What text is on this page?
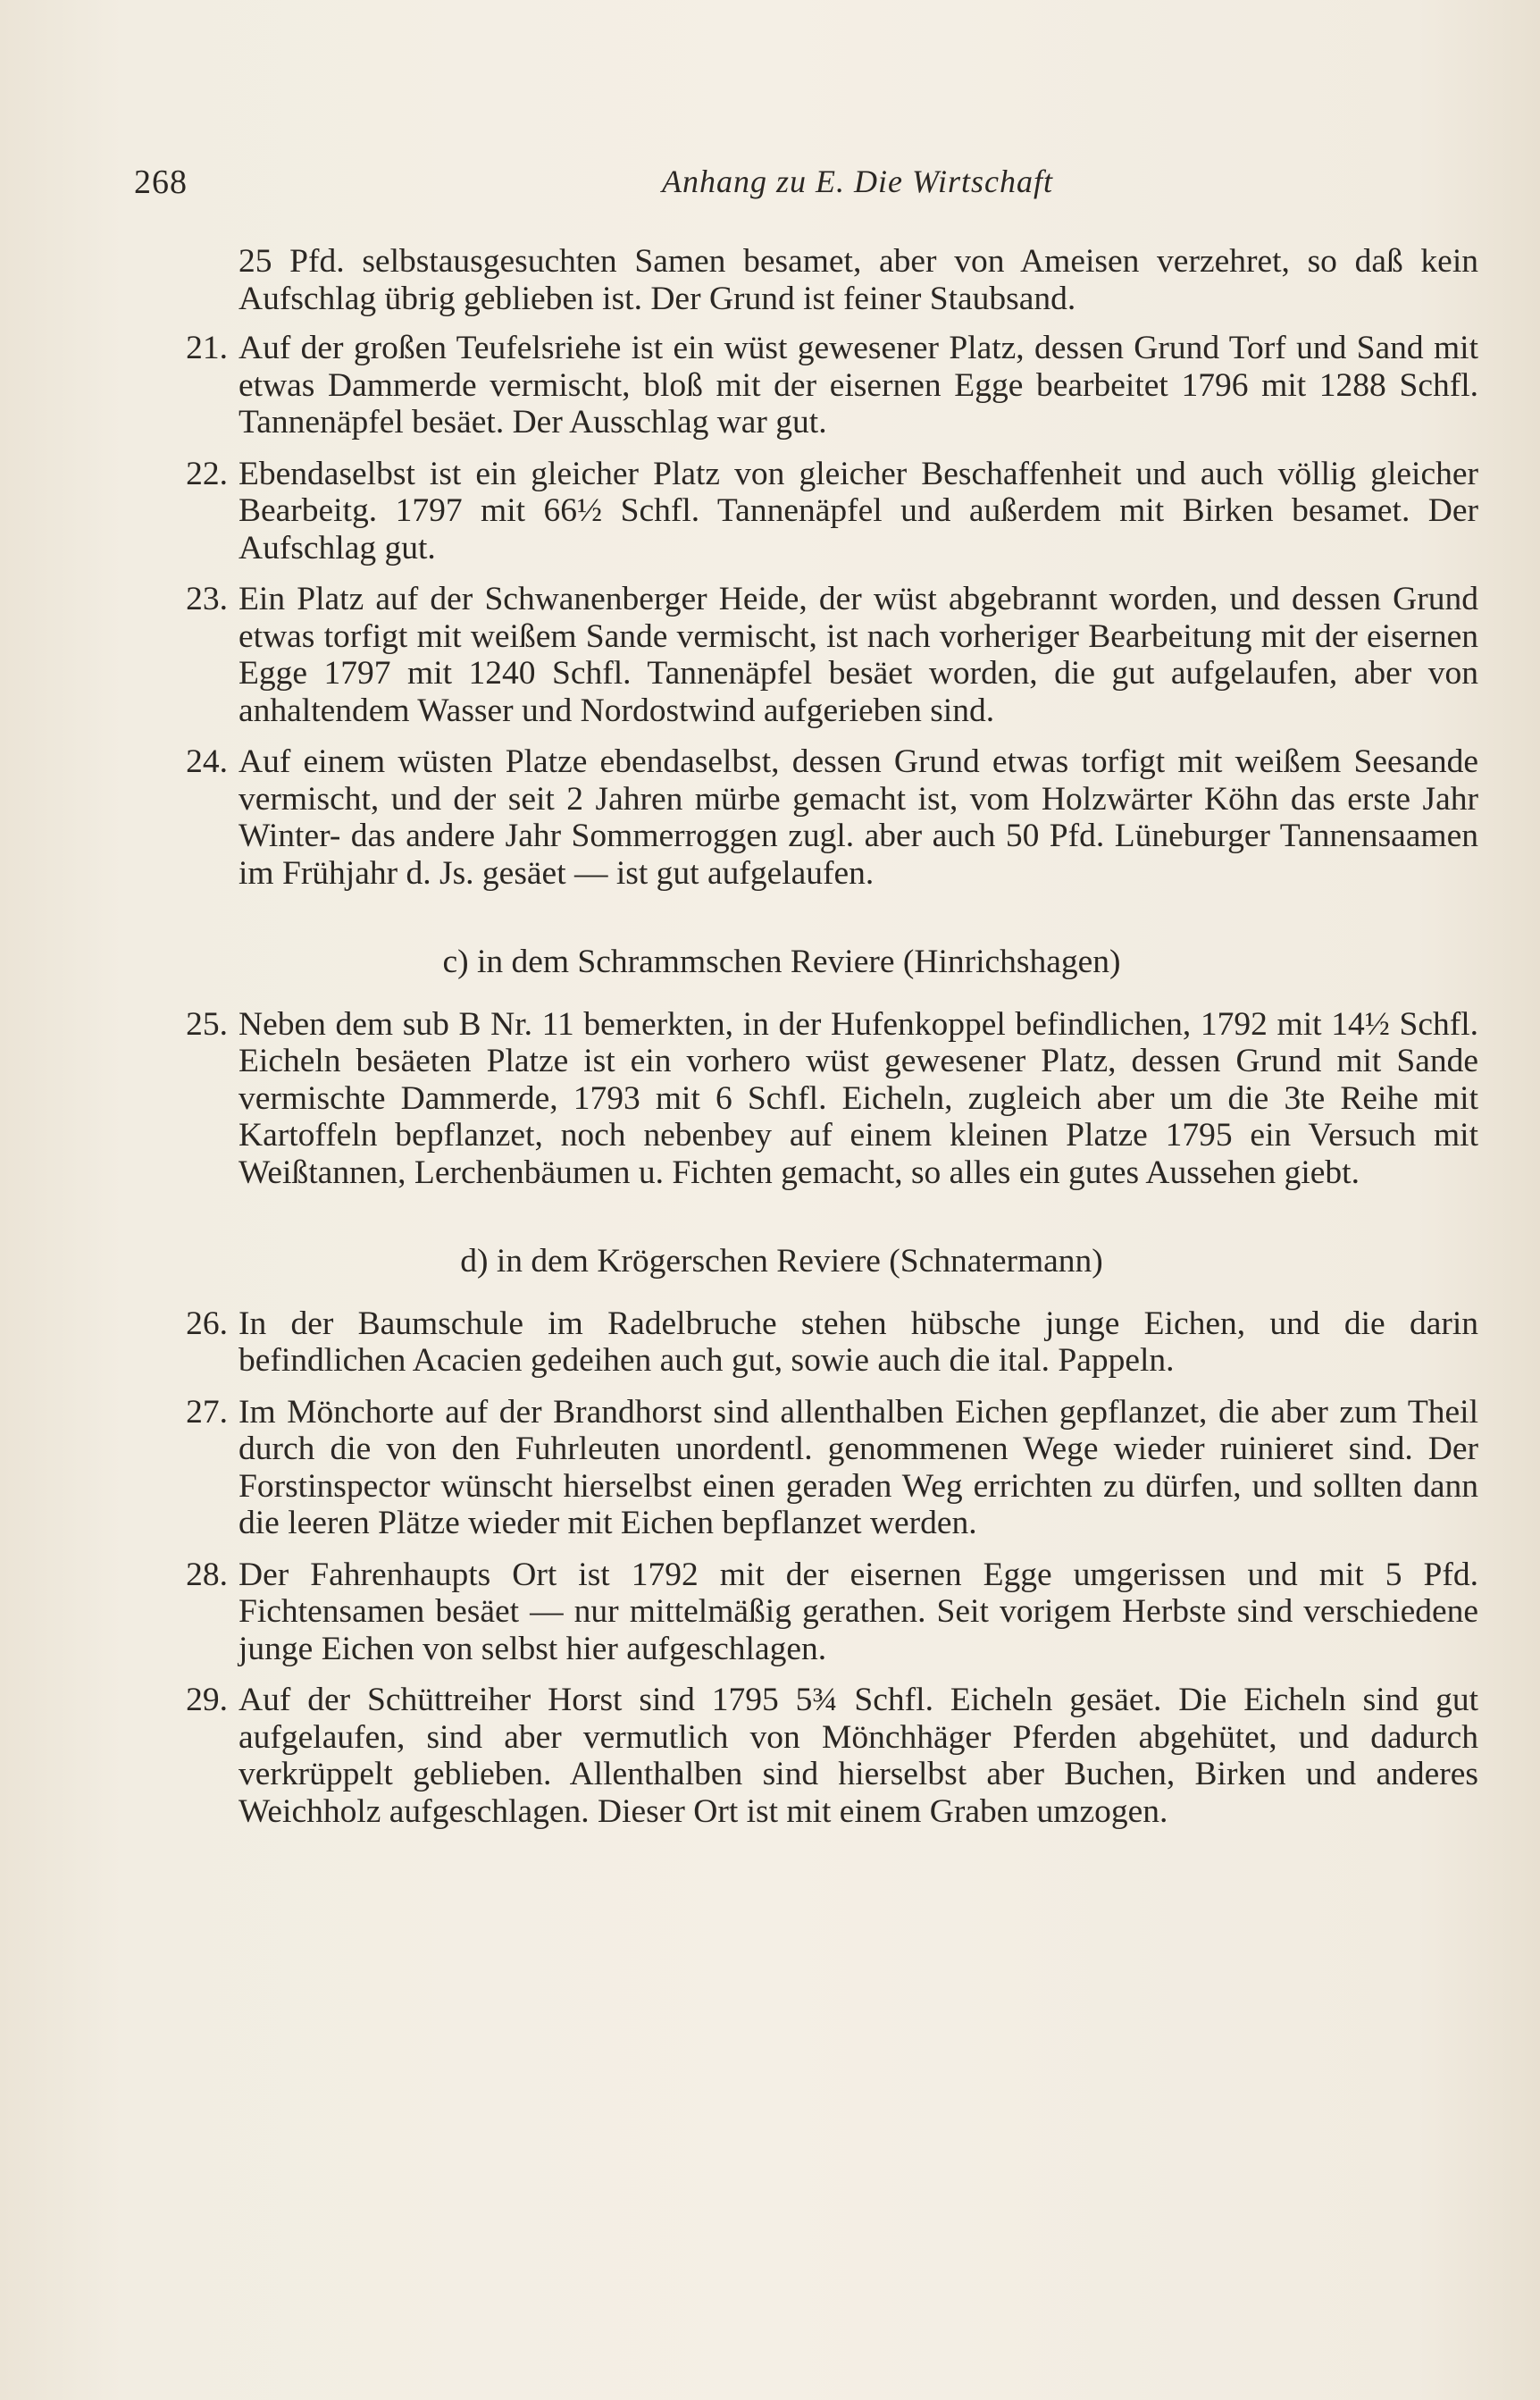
268	Anhang zu E. Die Wirtschaft

25 Pfd. selbstausgesuchten Samen besamet, aber von Ameisen verzehret, so daß kein Aufschlag übrig geblieben ist. Der Grund ist feiner Staubsand.

21. Auf der großen Teufelsriehe ist ein wüst gewesener Platz, dessen Grund Torf und Sand mit etwas Dammerde vermischt, bloß mit der eisernen Egge bearbeitet 1796 mit 1288 Schfl. Tannenäpfel besäet. Der Ausschlag war gut.
22. Ebendaselbst ist ein gleicher Platz von gleicher Beschaffenheit und auch völlig gleicher Bearbeitg. 1797 mit 66½ Schfl. Tannenäpfel und außerdem mit Birken besamet. Der Aufschlag gut.
23. Ein Platz auf der Schwanenberger Heide, der wüst abgebrannt worden, und dessen Grund etwas torfigt mit weißem Sande vermischt, ist nach vorheriger Bearbeitung mit der eisernen Egge 1797 mit 1240 Schfl. Tannenäpfel besäet worden, die gut aufgelaufen, aber von anhaltendem Wasser und Nordostwind aufgerieben sind.
24. Auf einem wüsten Platze ebendaselbst, dessen Grund etwas torfigt mit weißem Seesande vermischt, und der seit 2 Jahren mürbe gemacht ist, vom Holzwärter Köhn das erste Jahr Winter- das andere Jahr Sommerroggen zugl. aber auch 50 Pfd. Lüneburger Tannensaamen im Frühjahr d. Js. gesäet — ist gut aufgelaufen.
c) in dem Schrammschen Reviere (Hinrichshagen)
25. Neben dem sub B Nr. 11 bemerkten, in der Hufenkoppel befindlichen, 1792 mit 14½ Schfl. Eicheln besäeten Platze ist ein vorhero wüst gewesener Platz, dessen Grund mit Sande vermischte Dammerde, 1793 mit 6 Schfl. Eicheln, zugleich aber um die 3te Reihe mit Kartoffeln bepflanzet, noch nebenbey auf einem kleinen Platze 1795 ein Versuch mit Weißtannen, Lerchenbäumen u. Fichten gemacht, so alles ein gutes Aussehen giebt.
d) in dem Krögerschen Reviere (Schnatermann)
26. In der Baumschule im Radelbruche stehen hübsche junge Eichen, und die darin befindlichen Acacien gedeihen auch gut, sowie auch die ital. Pappeln.
27. Im Mönchorte auf der Brandhorst sind allenthalben Eichen gepflanzet, die aber zum Theil durch die von den Fuhrleuten unordentl. genommenen Wege wieder ruinieret sind. Der Forstinspector wünscht hierselbst einen geraden Weg errichten zu dürfen, und sollten dann die leeren Plätze wieder mit Eichen bepflanzet werden.
28. Der Fahrenhaupts Ort ist 1792 mit der eisernen Egge umgerissen und mit 5 Pfd. Fichtensamen besäet — nur mittelmäßig gerathen. Seit vorigem Herbste sind verschiedene junge Eichen von selbst hier aufgeschlagen.
29. Auf der Schüttreiher Horst sind 1795 5¾ Schfl. Eicheln gesäet. Die Eicheln sind gut aufgelaufen, sind aber vermutlich von Mönchhäger Pferden abgehütet, und dadurch verkrüppelt geblieben. Allenthalben sind hierselbst aber Buchen, Birken und anderes Weichholz aufgeschlagen. Dieser Ort ist mit einem Graben umzogen.
